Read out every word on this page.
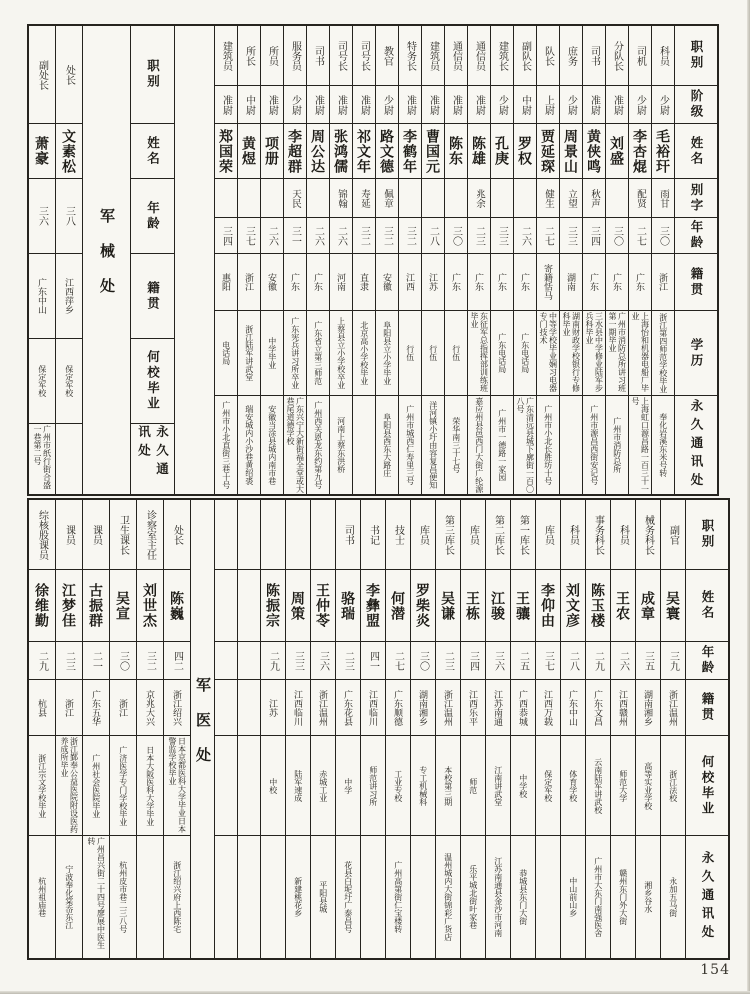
副处长
萧豪
三六
广东中山
保定军校
广州市纸行街合盛一巷第二号
处长
文素松
三八
江西萍乡
保定军校
军械处
职别
姓名
年龄
籍贯
何校毕业
永久通讯处
建筑员
准尉
郑国荣
三四
惠阳
电话局
广州市小北直街三巷十号
所长
中尉
黄煜
三七
浙江
浙江陆军讲武堂
瑞安城内小沙巷黄绍裘
所员
准尉
项册
二六
安徽
中学毕业
安徽当涂县城内南市巷
服务员
少尉
李超群
天民
三一
广东
广东宪兵讲习所卒业
广东兴宁大新街福全堂或大巷尾道德学校
司书
准尉
周公达
二六
广东
广东省立第三师范
广州西关恩龙东约第九号
司号长
准尉
张鸿儒
锦翰
二六
河南
上蔡县立小学校卒业
河南上蔡东洪桥
司号长
准尉
祁文年
寿延
三二
直隶
北京高小学校毕业
教官
少尉
路文德
佩章
三二
安徽
阜阳县立小学毕业
阜阳县酉东大路庄
特务长
准尉
李鹤年
三二
江西
行伍
广州市城西仁寿里三号
建筑员
准尉
曹国元
二八
江苏
行伍
洋河镇小圩由容复昌便知
通信员
准尉
陈东
三〇
广东
行伍
荣华南三十七号
通信员
准尉
陈雄
兆余
二三
广东
东征军总指挥部训练班毕业
嘉应州县邑西门大街广纶源
建筑长
少尉
孔庚
三三
广东
广东电话局
广州市一德路一家园
副队长
中尉
罗权
二六
广东
广东电话局
广东清远县城下廓街一百〇八号
队长
上尉
贾延琛
健生
二七
寄籍恬马
中等学校毕业娴习电器专门技术
广州市小北长胜坊十号
庶务
少尉
周景山
立望
三三
湖南
湖南财政学校银行专修科毕业
司书
准尉
黄侠鸣
秋声
三四
广东
三水县中学修业陆军步兵科毕业
广州市源昌西街安记号
分队长
准尉
刘盛
三〇
广东
广州市消防总所讲习班第一期毕业
广州市消防总所
司机
少尉
李杏焜
配贤
二七
广东
上海怡和机器电船厂毕业
上海虹口源昌路一百三十一号
科员
少尉
毛裕玕
雨甘
三〇
浙江
浙江第四师范学校毕业
奉化岩溪东米号转
职别
阶级
姓名
别字
年龄
籍贯
学历
永久通讯处
综核股课员
徐维勤
二九
杭县
浙江宗文学校毕业
杭州祖庙巷
课员
江梦佳
二三
浙江
浙江鄞奉公益医院附设医药养成所毕业
宁波奉化棠岙东江
课员
古振群
二一
广东五华
广州社会医院毕业
广州昌兴街二十四号廖展中医生转
卫生课长
吴宣
三〇
浙江
广济医学专门学校毕业
杭州皮市巷二三八号
诊察室主任
刘世杰
三二
京兆大兴
日本大阪医科大学毕业
处长
陈巍
四二
浙江绍兴
日本京都医科大学毕业日本警监学校毕业
浙江绍兴府上西陈宅
军医处
陈振宗
二九
江苏
中校
周策
三三
江西临川
陆军速成
新建桃花乡
王仲苓
三六
浙江温州
赤城工业
平阳县城
司书
骆瑞
二三
广东花县
中学
花县白坭圩广泰昌号
书记
李彝盟
四一
江西临川
师范讲习所
技士
何潜
二七
广东顺德
工业专校
广州高第街仁宝楼转
库员
罗柴炎
三〇
湖南湘乡
专工机械科
第三库长
吴谦
二三
浙江温州
本校第三期
温州城内大街锦彩广货店
库员
王栋
三四
江西乐平
师范
乐平城北街叶家巷
第二库长
江骏
三六
江苏南通
江南讲武堂
江苏南通县金沙市河南
第一库长
王骧
二五
广西恭城
中学校
恭城县东门大街
库员
李仰由
三七
江西万载
保定军校
科员
刘文彦
二八
广东中山
体育学校
中山前山乡
事务科长
陈玉楼
二九
广东文昌
云南陆军讲武校
广州市大东门南强医舍
科员
王农
二六
江西赣州
师范大学
赣州东门外大街
械务科长
成章
三五
湖南湘乡
高等实业学校
湘乡谷水
副官
吴寰
三九
浙江温州
浙江法校
永加五马街
职别
姓名
年龄
籍贯
何校毕业
永久通讯处
154
